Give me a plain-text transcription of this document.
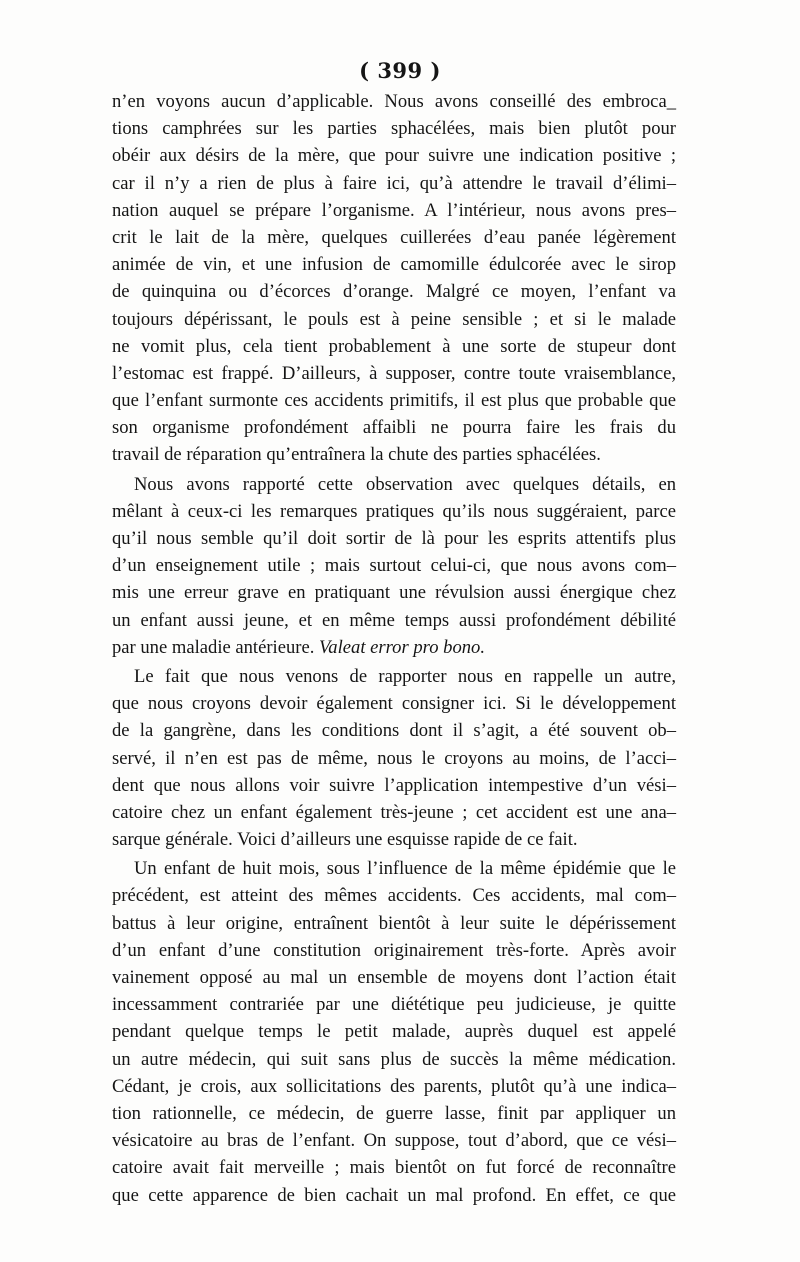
( 399 )
n’en voyons aucun d’applicable. Nous avons conseillé des embroca_
tions camphrées sur les parties sphacélées, mais bien plutôt pour
obéir aux désirs de la mère, que pour suivre une indication positive ;
car il n’y a rien de plus à faire ici, qu’à attendre le travail d’élimi–
nation auquel se prépare l’organisme. A l’intérieur, nous avons pres–
crit le lait de la mère, quelques cuillerées d’eau panée légèrement
animée de vin, et une infusion de camomille édulcorée avec le sirop
de quinquina ou d’écorces d’orange. Malgré ce moyen, l’enfant va
toujours dépérissant, le pouls est à peine sensible ; et si le malade
ne vomit plus, cela tient probablement à une sorte de stupeur dont
l’estomac est frappé. D’ailleurs, à supposer, contre toute vraisemblance,
que l’enfant surmonte ces accidents primitifs, il est plus que probable que
son organisme profondément affaibli ne pourra faire les frais du
travail de réparation qu’entraînera la chute des parties sphacélées.
Nous avons rapporté cette observation avec quelques détails, en
mêlant à ceux-ci les remarques pratiques qu’ils nous suggéraient, parce
qu’il nous semble qu’il doit sortir de là pour les esprits attentifs plus
d’un enseignement utile ; mais surtout celui-ci, que nous avons com–
mis une erreur grave en pratiquant une révulsion aussi énergique chez
un enfant aussi jeune, et en même temps aussi profondément débilité
par une maladie antérieure. Valeat error pro bono.
Le fait que nous venons de rapporter nous en rappelle un autre,
que nous croyons devoir également consigner ici. Si le développement
de la gangrène, dans les conditions dont il s’agit, a été souvent ob–
servé, il n’en est pas de même, nous le croyons au moins, de l’acci–
dent que nous allons voir suivre l’application intempestive d’un vési–
catoire chez un enfant également très-jeune ; cet accident est une ana–
sarque générale. Voici d’ailleurs une esquisse rapide de ce fait.
Un enfant de huit mois, sous l’influence de la même épidémie que le
précédent, est atteint des mêmes accidents. Ces accidents, mal com–
battus à leur origine, entraînent bientôt à leur suite le dépérissement
d’un enfant d’une constitution originairement très-forte. Après avoir
vainement opposé au mal un ensemble de moyens dont l’action était
incessamment contrariée par une diététique peu judicieuse, je quitte
pendant quelque temps le petit malade, auprès duquel est appelé
un autre médecin, qui suit sans plus de succès la même médication.
Cédant, je crois, aux sollicitations des parents, plutôt qu’à une indica–
tion rationnelle, ce médecin, de guerre lasse, finit par appliquer un
vésicatoire au bras de l’enfant. On suppose, tout d’abord, que ce vési–
catoire avait fait merveille ; mais bientôt on fut forcé de reconnaître
que cette apparence de bien cachait un mal profond. En effet, ce que
